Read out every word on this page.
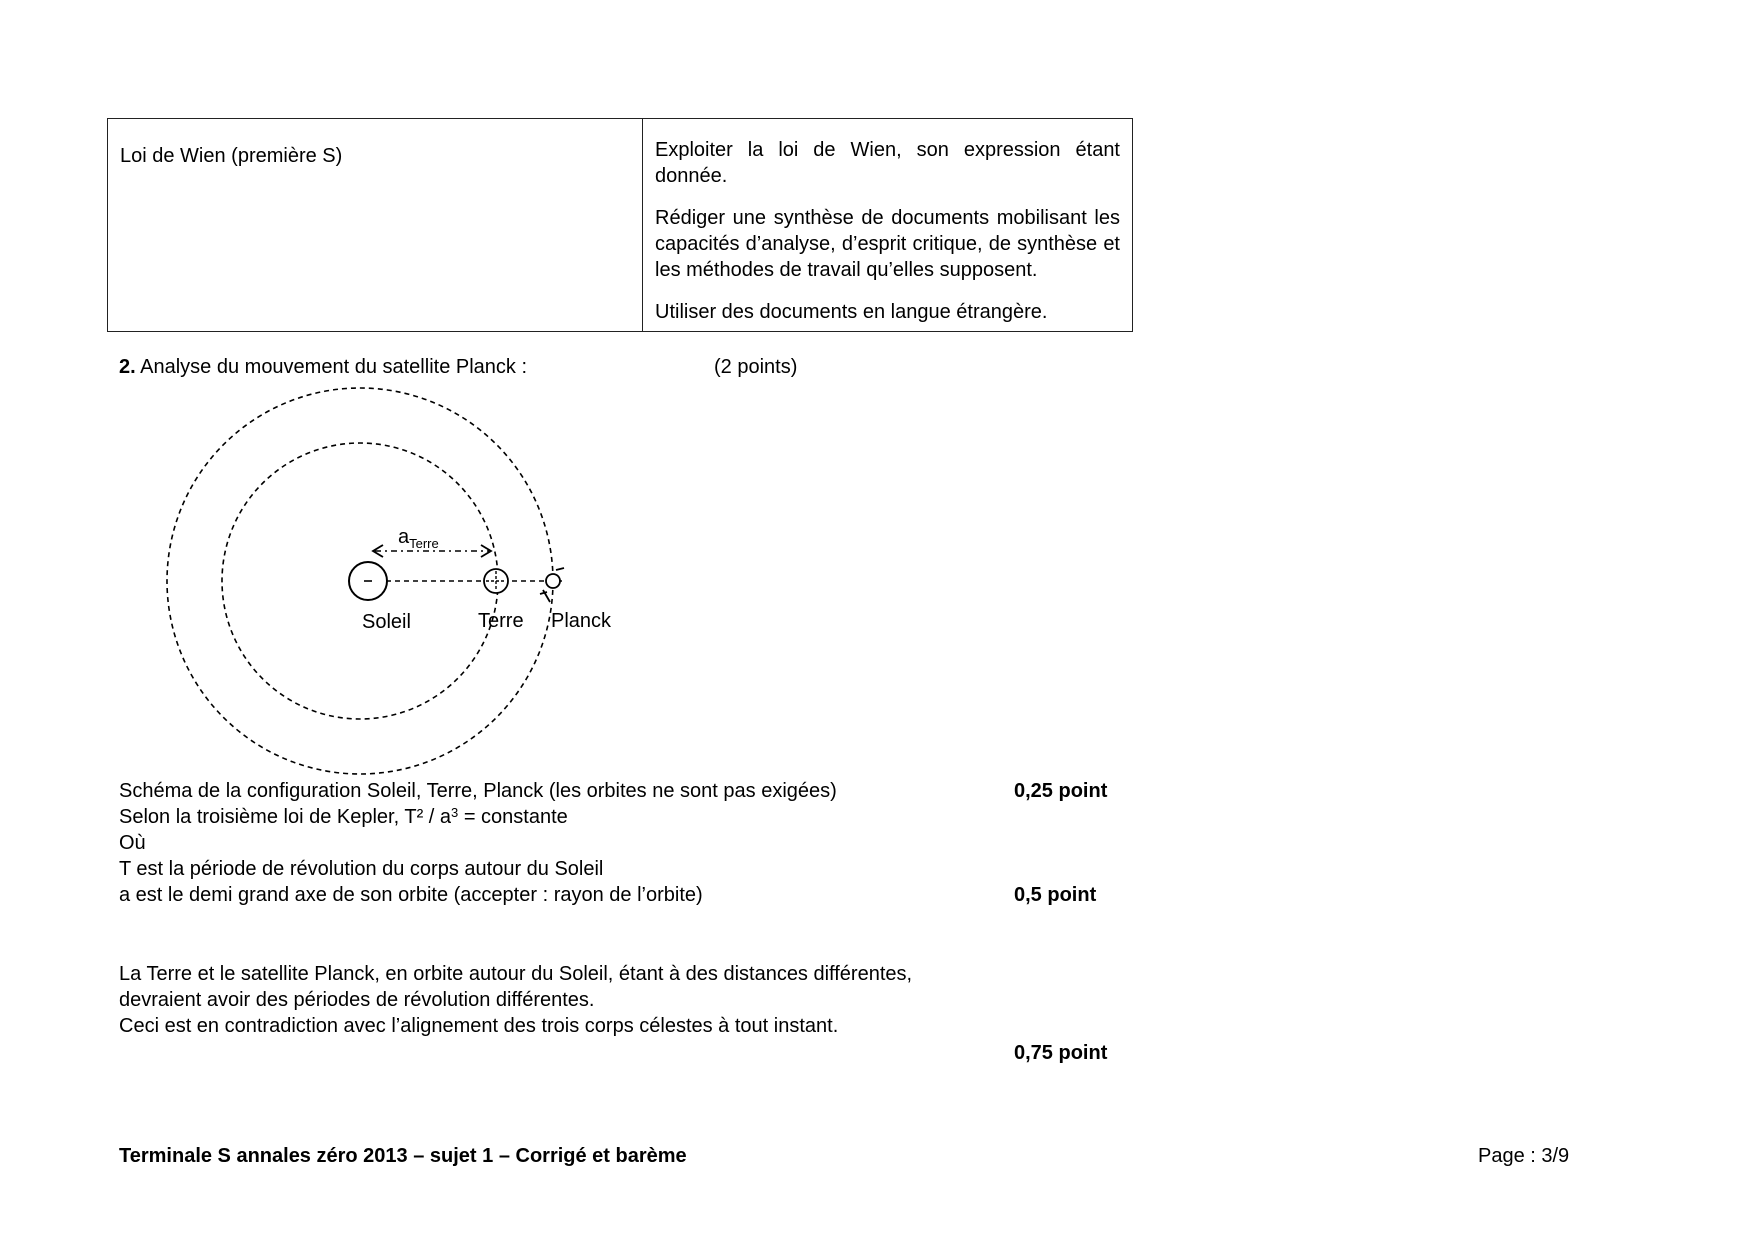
Loi de Wien (première S)	Exploiter la loi de Wien, son expression étant donnée.

Rédiger une synthèse de documents mobilisant les capacités d’analyse, d’esprit critique, de synthèse et les méthodes de travail qu’elles supposent.

Utiliser des documents en langue étrangère.

2. Analyse du mouvement du satellite Planck :	(2 points)
$a_{Terre}$
Soleil	Terre Planck
Schéma de la configuration Soleil, Terre, Planck (les orbites ne sont pas exigées)	0,25 point
Selon la troisième loi de Kepler, $T^2 / a^3$ = constante
Où
T est la période de révolution du corps autour du Soleil
a est le demi grand axe de son orbite (accepter : rayon de l’orbite)	0,5 point
La Terre et le satellite Planck, en orbite autour du Soleil, étant à des distances différentes,
devraient avoir des périodes de révolution différentes.
Ceci est en contradiction avec l’alignement des trois corps célestes à tout instant.
0,75 point
Terminale S annales zéro 2013 – sujet 1 – Corrigé et barème	Page : 3/9
